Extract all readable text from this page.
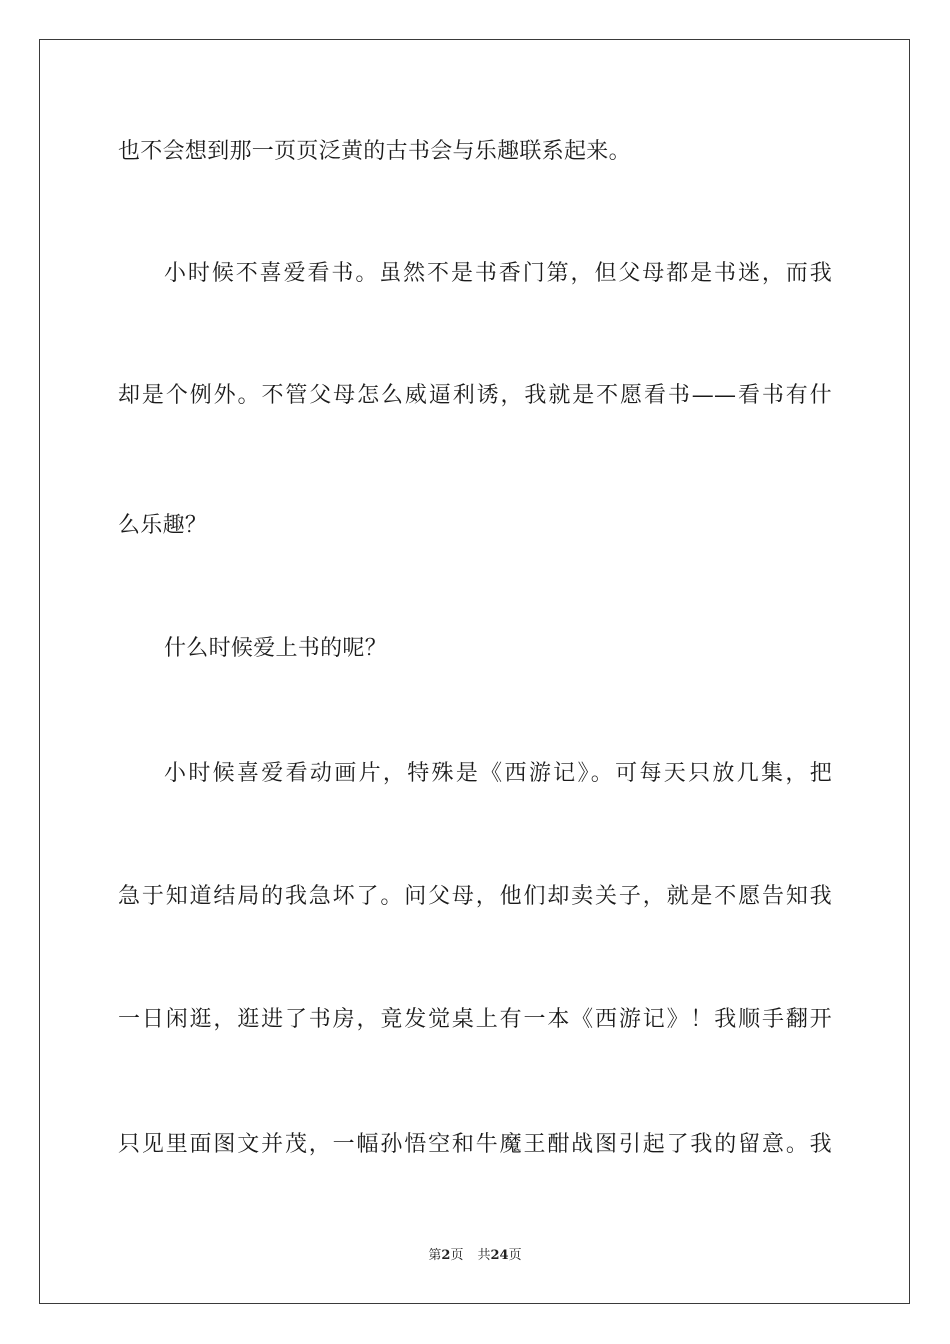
也不会想到那一页页泛黄的古书会与乐趣联系起来。
小时候不喜爱看书。虽然不是书香门第，但父母都是书迷，而我
却是个例外。不管父母怎么威逼利诱，我就是不愿看书——看书有什
么乐趣？
什么时候爱上书的呢？
小时候喜爱看动画片，特殊是《西游记》。可每天只放几集，把
急于知道结局的我急坏了。问父母，他们却卖关子，就是不愿告知我
一日闲逛，逛进了书房，竟发觉桌上有一本《西游记》！我顺手翻开
只见里面图文并茂，一幅孙悟空和牛魔王酣战图引起了我的留意。我
第2页 共24页
